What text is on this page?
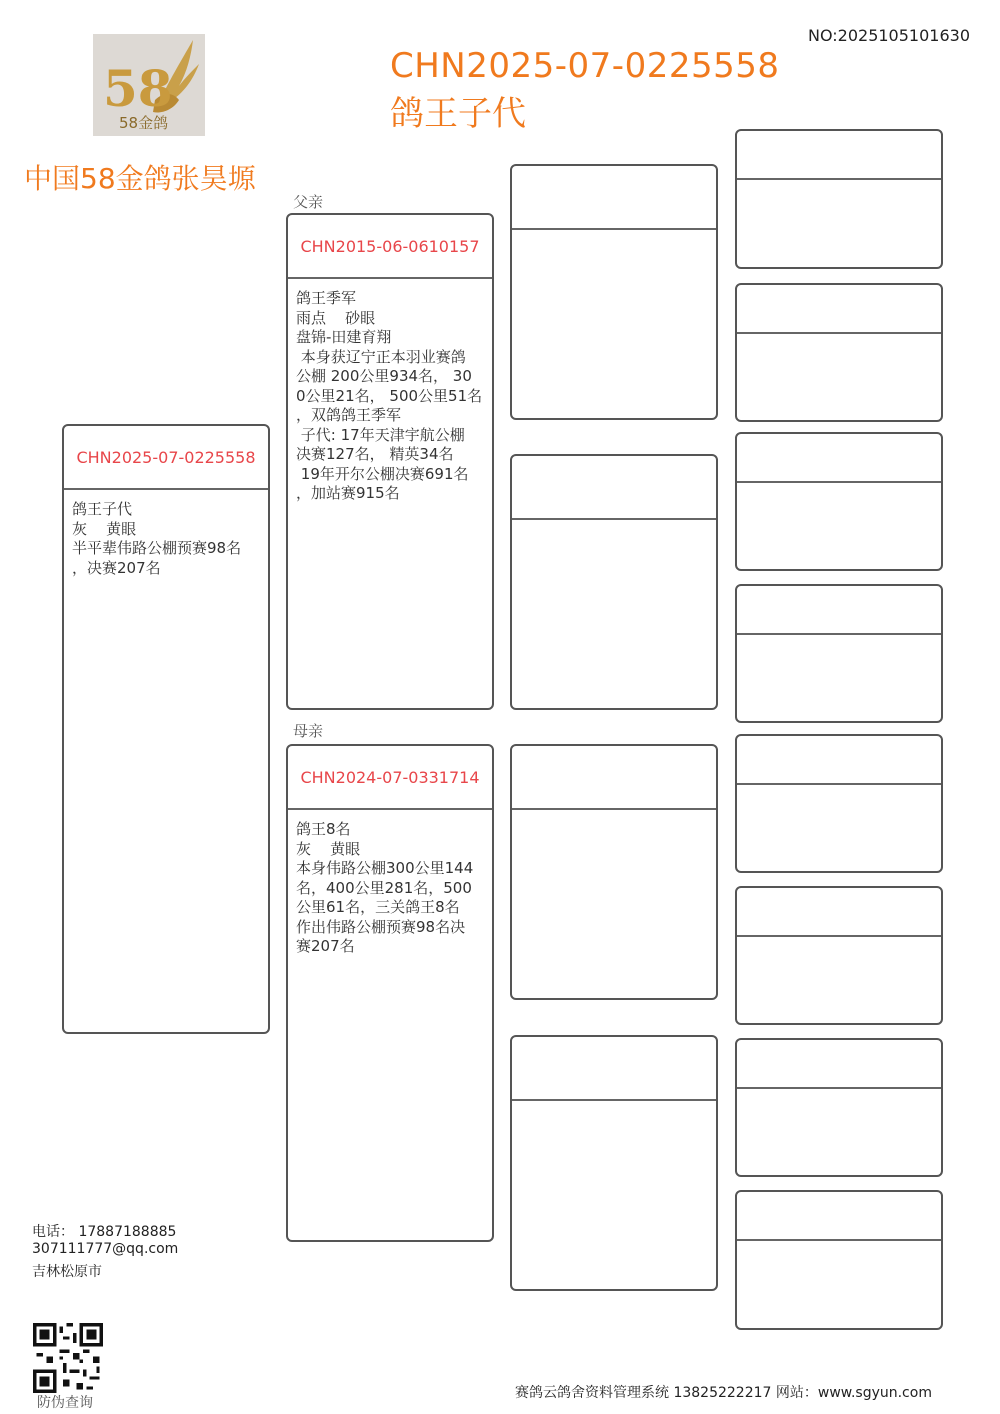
NO:2025105101630
58
58金鸽
CHN2025-07-0225558
鸽王子代
中国58金鸽张昊塬
CHN2025-07-0225558
鸽王子代
灰    黄眼
半平辈伟路公棚预赛98名
，决赛207名
父亲
CHN2015-06-0610157
鸽王季军
雨点    砂眼
盘锦-田建育翔
本身获辽宁正本羽业赛鸽
公棚 200公里934名， 30
0公里21名， 500公里51名
，双鸽鸽王季军
子代: 17年天津宇航公棚
决赛127名， 精英34名
19年开尔公棚决赛691名
，加站赛915名
母亲
CHN2024-07-0331714
鸽王8名
灰    黄眼
本身伟路公棚300公里144
名，400公里281名，500
公里61名，三关鸽王8名
作出伟路公棚预赛98名决
赛207名
电话： 17887188885
307111777@qq.com
吉林松原市
防伪查询
赛鸽云鸽舍资料管理系统 13825222217 网站：www.sgyun.com
